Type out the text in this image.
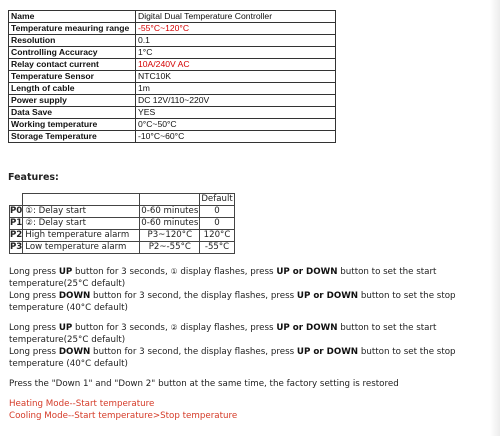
Name	Digital Dual Temperature Controller
Temperature meauring range	-55°C~120°C
Resolution	0.1
Controlling Accuracy	1°C
Relay contact current	10A/240V AC
Temperature Sensor	NTC10K
Length of cable	1m
Power supply	DC 12V/110~220V
Data Save	YES
Working temperature	0°C~50°C
Storage Temperature	-10°C~60°C
Features:
			Default
P0	①: Delay start	0-60 minutes	0
P1	②: Delay start	0-60 minutes	0
P2	High temperature alarm	P3~120°C	120°C
P3	Low temperature alarm	P2~-55°C	-55°C
Long press UP button for 3 seconds, ① display flashes, press UP or DOWN button to set the start
temperature(25°C default)
Long press DOWN button for 3 second, the display flashes, press UP or DOWN button to set the stop
temperature (40°C default)
Long press UP button for 3 seconds, ② display flashes, press UP or DOWN button to set the start
temperature(25°C default)
Long press DOWN button for 3 second, the display flashes, press UP or DOWN button to set the stop
temperature (40°C default)
Press the "Down 1" and "Down 2" button at the same time, the factory setting is restored
Heating Mode--Start temperature
Cooling Mode--Start temperature>Stop temperature
